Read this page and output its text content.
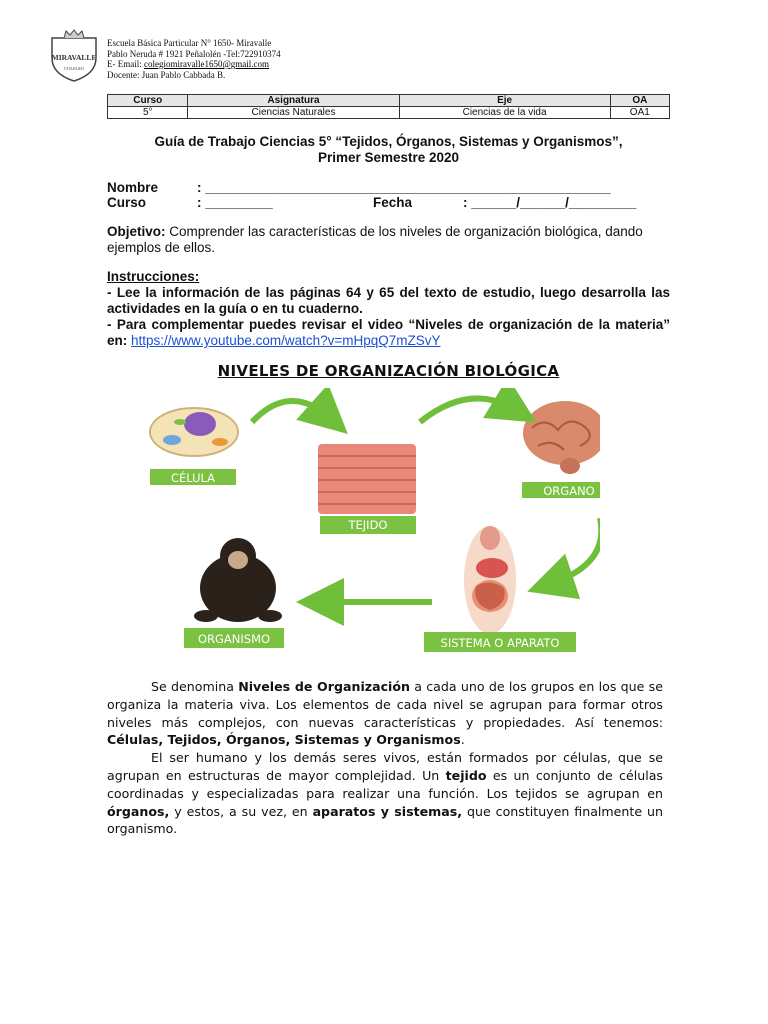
MIRAVALLE
COLEGIO
Escuela Básica Particular N° 1650- Miravalle
Pablo Neruda # 1921 Peñalolén -Tel:722910374
E- Email: colegiomiravalle1650@gmail.com
Docente: Juan Pablo Cabbada B.
Curso	Asignatura	Eje	OA
5°	Ciencias Naturales	Ciencias de la vida	OA1
Guía de Trabajo Ciencias 5° “Tejidos, Órganos, Sistemas y Organismos”,
Primer Semestre 2020
Nombre	: ______________________________________________________
Curso	: _________	Fecha	: ______/______/_________
Objetivo: Comprender las características de los niveles de organización biológica, dando ejemplos de ellos.
Instrucciones:
- Lee la información de las páginas 64 y 65 del texto de estudio, luego desarrolla las actividades en la guía o en tu cuaderno.
- Para complementar puedes revisar el video “Niveles de organización de la materia” en: https://www.youtube.com/watch?v=mHpqQ7mZSvY
NIVELES DE ORGANIZACIÓN BIOLÓGICA
CÉLULA
TEJIDO
ORGANO
SISTEMA O APARATO
ORGANISMO

Se denomina Niveles de Organización a cada uno de los grupos en los que se organiza la materia viva. Los elementos de cada nivel se agrupan para formar otros niveles más complejos, con nuevas características y propiedades. Así tenemos: Células, Tejidos, Órganos, Sistemas y Organismos.

El ser humano y los demás seres vivos, están formados por células, que se agrupan en estructuras de mayor complejidad. Un tejido es un conjunto de células coordinadas y especializadas para realizar una función. Los tejidos se agrupan en órganos, y estos, a su vez, en aparatos y sistemas, que constituyen finalmente un organismo.
